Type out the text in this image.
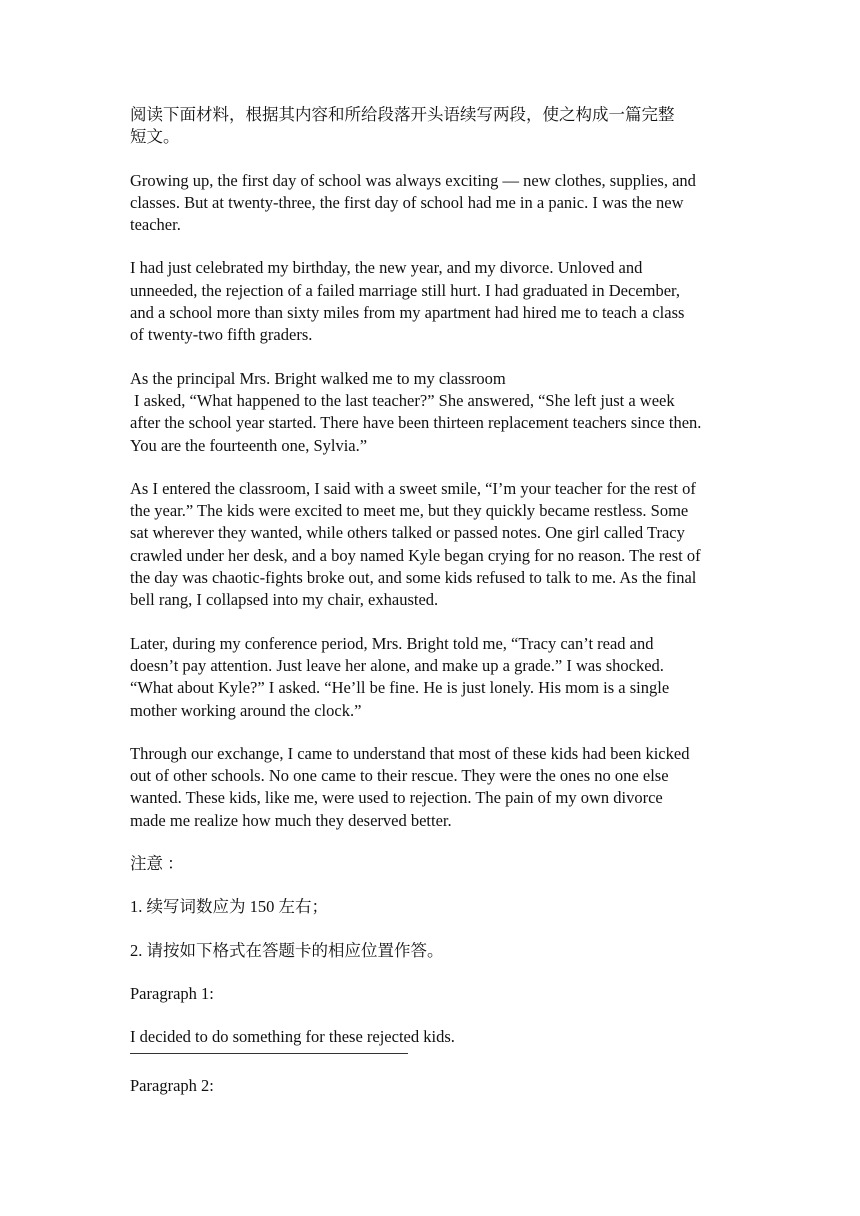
阅读下面材料，根据其内容和所给段落开头语续写两段，使之构成一篇完整
短文。
Growing up, the first day of school was always exciting — new clothes, supplies, and
classes. But at twenty-three, the first day of school had me in a panic. I was the new
teacher.
I had just celebrated my birthday, the new year, and my divorce. Unloved and
unneeded, the rejection of a failed marriage still hurt. I had graduated in December,
and a school more than sixty miles from my apartment had hired me to teach a class
of twenty-two fifth graders.
As the principal Mrs. Bright walked me to my classroom
I asked, “What happened to the last teacher?” She answered, “She left just a week
after the school year started. There have been thirteen replacement teachers since then.
You are the fourteenth one, Sylvia.”
As I entered the classroom, I said with a sweet smile, “I’m your teacher for the rest of
the year.” The kids were excited to meet me, but they quickly became restless. Some
sat wherever they wanted, while others talked or passed notes. One girl called Tracy
crawled under her desk, and a boy named Kyle began crying for no reason. The rest of
the day was chaotic-fights broke out, and some kids refused to talk to me. As the final
bell rang, I collapsed into my chair, exhausted.
Later, during my conference period, Mrs. Bright told me, “Tracy can’t read and
doesn’t pay attention. Just leave her alone, and make up a grade.” I was shocked.
“What about Kyle?” I asked. “He’ll be fine. He is just lonely. His mom is a single
mother working around the clock.”
Through our exchange, I came to understand that most of these kids had been kicked
out of other schools. No one came to their rescue. They were the ones no one else
wanted. These kids, like me, were used to rejection. The pain of my own divorce
made me realize how much they deserved better.
注意 ：
1. 续写词数应为 150 左右；
2. 请按如下格式在答题卡的相应位置作答。
Paragraph 1:
I decided to do something for these rejected kids.
Paragraph 2:
